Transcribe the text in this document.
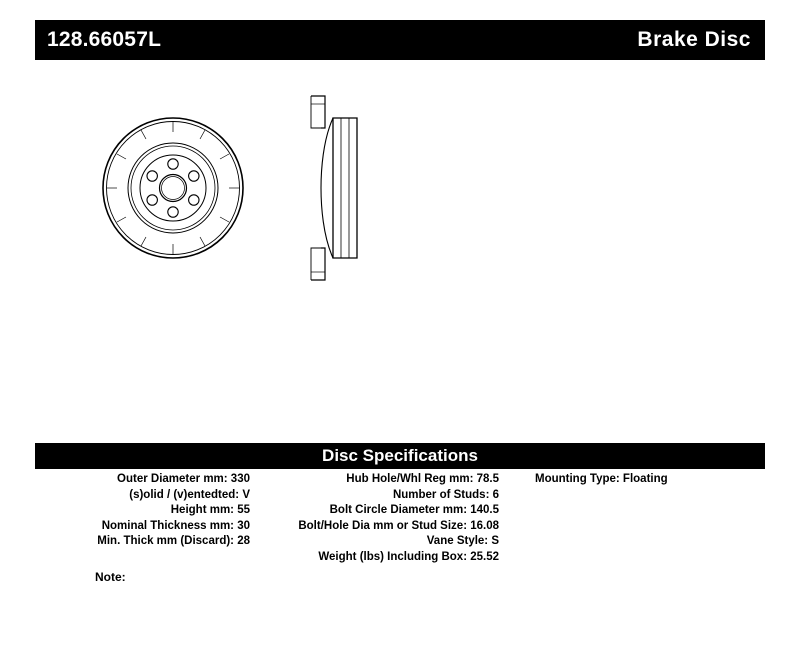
128.66057L	Brake Disc
Disc Specifications
Outer Diameter mm: 330
(s)olid / (v)entedted: V
Height mm: 55
Nominal Thickness mm: 30
Min. Thick mm (Discard): 28
Hub Hole/Whl Reg mm: 78.5
Number of Studs: 6
Bolt Circle Diameter mm: 140.5
Bolt/Hole Dia mm or Stud Size: 16.08
Vane Style: S
Weight (lbs) Including Box: 25.52
Mounting Type: Floating
Note:
